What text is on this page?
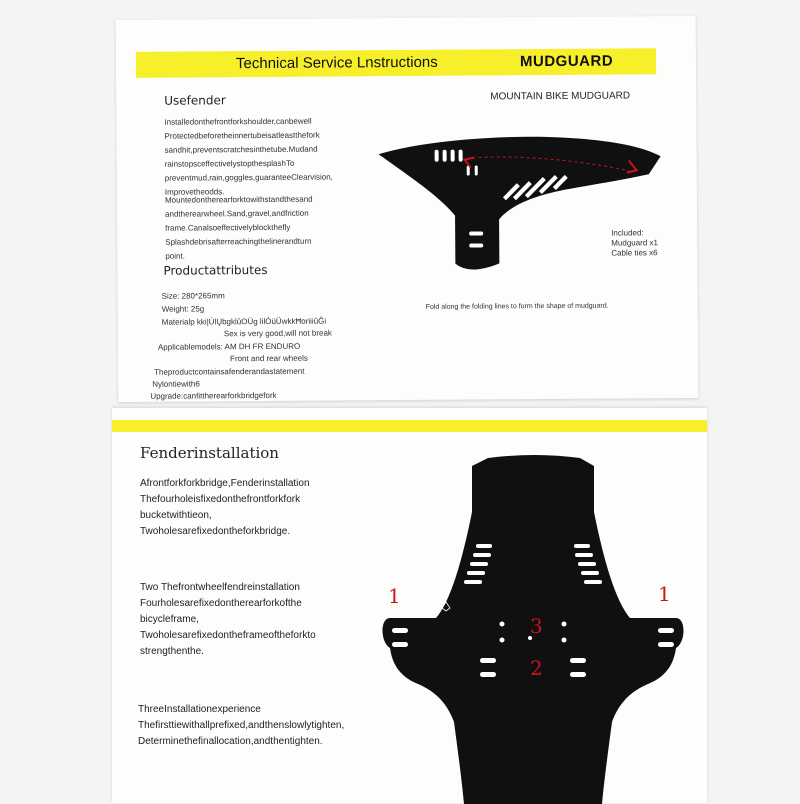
Technical Service Lnstructions	MUDGUARD
MOUNTAIN BIKE MUDGUARD
Usefender
Installedonthefrontforkshoulder,canbewell
Protectedbeforetheinnertubeisatleastthefork
sandhit,preventscratchesinthetube.Mudand
rainstopsceffectivelystopthesplashTo
preventmud,rain,goggles,guaranteeClearvision,
Improvetheodds.
Mountedontherearforktowithstandthesand
andtherearwheel.Sand,gravel,andfriction
frame.Canalsoeffectivelyblockthefly
Splashdebrisafterreachingthelinerandturn
point.
Productattributes
Size: 280*265mm
Weight: 25g
Materialp kki|ÚlŲbgklûOÜg lilÓüÜwkkĦoriiiûĜi
Sex is very good,will not break
Applicablemodels: AM DH FR ENDURO
Front and rear wheels
Theproductcontainsafenderandastatement
Nylontiewith6
Upgrade:canfittherearforkbridgefork
Included:
Mudguard x1
Cable ties x6
Fold along the folding lines to form the shape of mudguard.
Fenderinstallation
Afrontforkforkbridge,Fenderinstallation
Thefourholeisfixedonthefrontforkfork
bucketwithtieon,
Twoholesarefixedontheforkbridge.
Two Thefrontwheelfendreinstallation
Fourholesarefixedontherearforkofthe
bicycleframe,
Twoholesarefixedontheframeoftheforkto
strengthenthe.
ThreeInstallationexperience
Thefirsttiewithallprefixed,andthenslowlytighten,
Determinethefinallocation,andthentighten.
1	1
3
2
